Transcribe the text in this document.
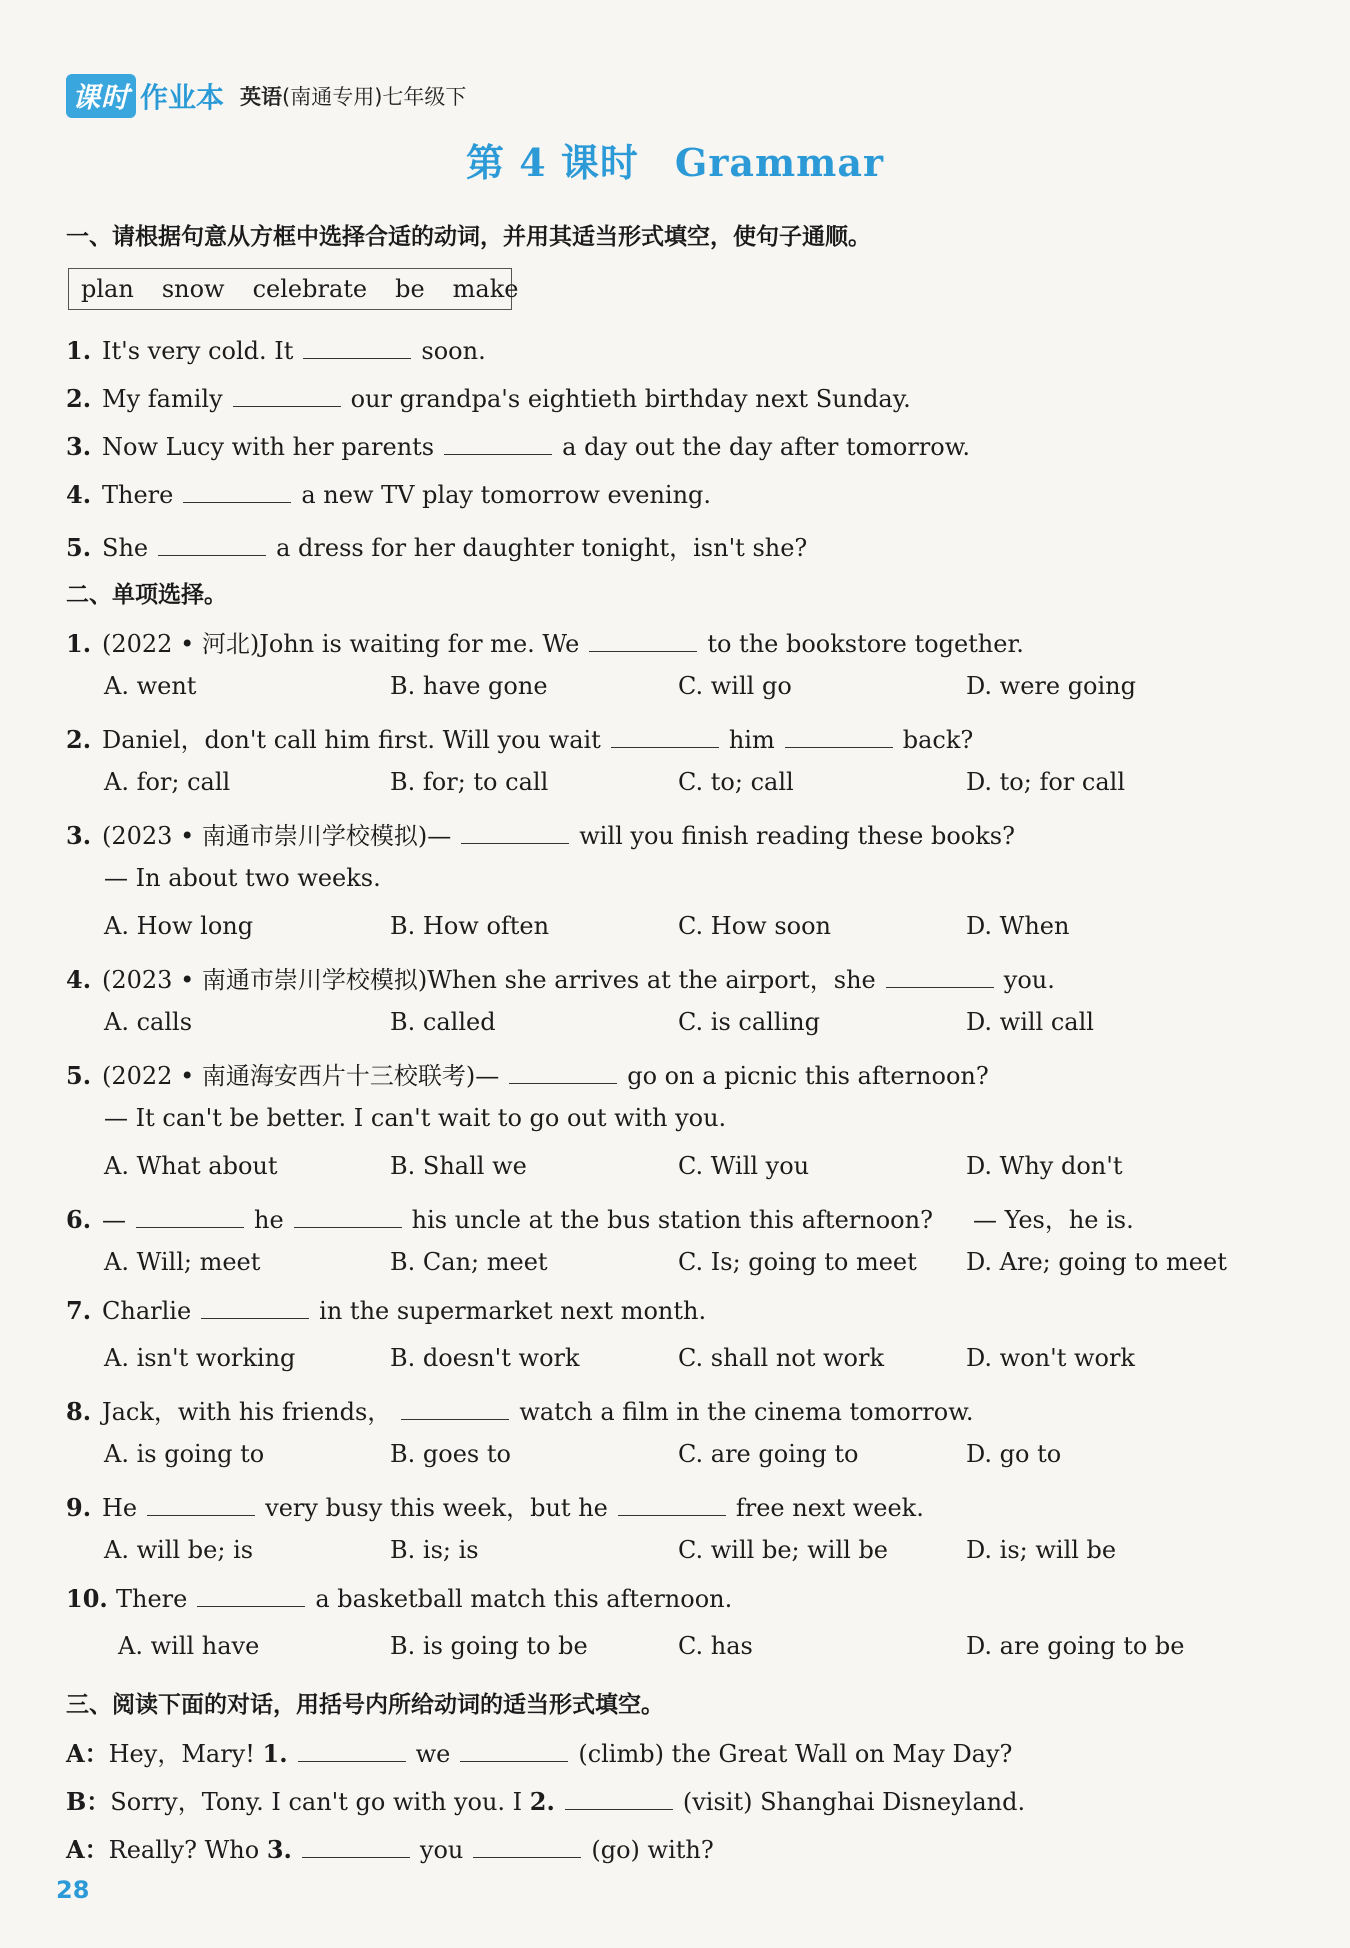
课时 作业本 英语(南通专用)七年级下
第 4 课时 Grammar
一、请根据句意从方框中选择合适的动词，并用其适当形式填空，使句子通顺。
plan snow celebrate be make
1. It's very cold. It	soon.
2. My family	our grandpa's eightieth birthday next Sunday.
3. Now Lucy with her parents	a day out the day after tomorrow.
4. There	a new TV play tomorrow evening.
5. She	a dress for her daughter tonight，isn't she?
二、单项选择。
1. (2022 • 河北)John is waiting for me. We	to the bookstore together.
A. went	B. have gone	C. will go	D. were going
2. Daniel，don't call him first. Will you wait	him	back?
A. for; call	B. for; to call	C. to; call	D. to; for call
3. (2023 • 南通市崇川学校模拟)—	will you finish reading these books?
— In about two weeks.
A. How long	B. How often	C. How soon	D. When
4. (2023 • 南通市崇川学校模拟)When she arrives at the airport，she	you.
A. calls	B. called	C. is calling	D. will call
5. (2022 • 南通海安西片十三校联考)—	go on a picnic this afternoon?
— It can't be better. I can't wait to go out with you.
A. What about	B. Shall we	C. Will you	D. Why don't
6. —	he	his uncle at the bus station this afternoon? — Yes，he is.
A. Will; meet	B. Can; meet	C. Is; going to meet D. Are; going to meet
7. Charlie	in the supermarket next month.
A. isn't working	B. doesn't work	C. shall not work	D. won't work
8. Jack，with his friends，	watch a film in the cinema tomorrow.
A. is going to	B. goes to	C. are going to	D. go to
9. He	very busy this week，but he	free next week.
A. will be; is	B. is; is	C. will be; will be	D. is; will be
10. There	a basketball match this afternoon.
A. will have	B. is going to be	C. has	D. are going to be
三、阅读下面的对话，用括号内所给动词的适当形式填空。
A：Hey，Mary! 1.	we	(climb) the Great Wall on May Day?
B：Sorry，Tony. I can't go with you. I 2.	(visit) Shanghai Disneyland.
A：Really? Who 3.	you	(go) with?
28
